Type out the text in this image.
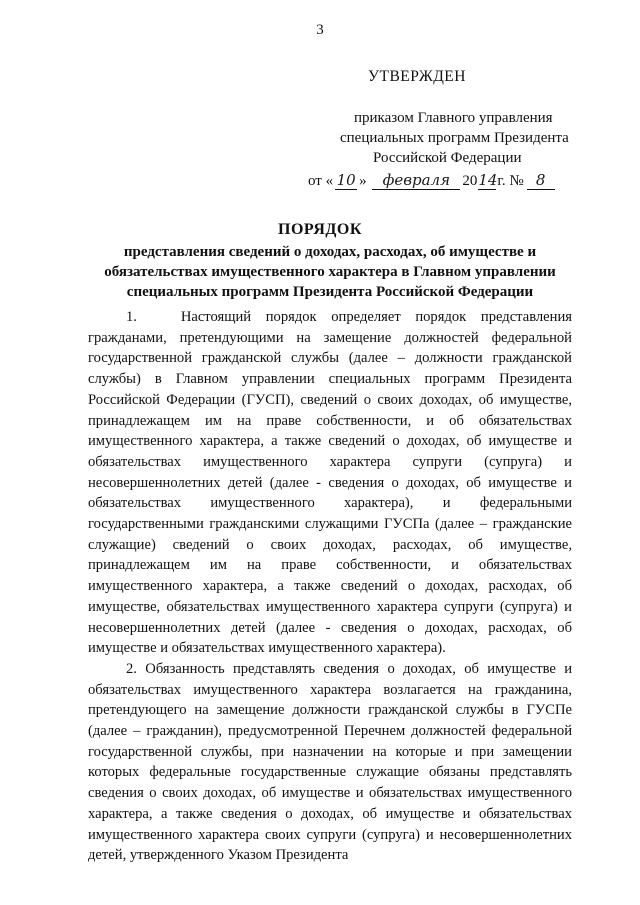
3
УТВЕРЖДЕН
приказом Главного управления
специальных программ Президента
Российской Федерации
от « 10 » февраля 2014г. № 8
ПОРЯДОК
представления сведений о доходах, расходах, об имуществе и обязательствах имущественного характера в Главном управлении специальных программ Президента Российской Федерации

1.   Настоящий порядок определяет порядок представления гражданами, претендующими на замещение должностей федеральной государственной гражданской службы (далее – должности гражданской службы) в Главном управлении специальных программ Президента Российской Федерации (ГУСП), сведений о своих доходах, об имуществе, принадлежащем им на праве собственности, и об обязательствах имущественного характера, а также сведений о доходах, об имуществе и обязательствах имущественного характера супруги (супруга) и несовершеннолетних детей (далее - сведения о доходах, об имуществе и обязательствах имущественного характера), и федеральными государственными гражданскими служащими ГУСПа (далее – гражданские служащие) сведений о своих доходах, расходах, об имуществе, принадлежащем им на праве собственности, и обязательствах имущественного характера, а также сведений о доходах, расходах, об имуществе, обязательствах имущественного характера супруги (супруга) и несовершеннолетних детей (далее - сведения о доходах, расходах, об имуществе и обязательствах имущественного характера).

2. Обязанность представлять сведения о доходах, об имуществе и обязательствах имущественного характера возлагается на гражданина, претендующего на замещение должности гражданской службы в ГУСПе (далее – гражданин), предусмотренной Перечнем должностей федеральной государственной службы, при назначении на которые и при замещении которых федеральные государственные служащие обязаны представлять сведения о своих доходах, об имуществе и обязательствах имущественного характера, а также сведения о доходах, об имуществе и обязательствах имущественного характера своих супруги (супруга) и несовершеннолетних детей, утвержденного Указом Президента
